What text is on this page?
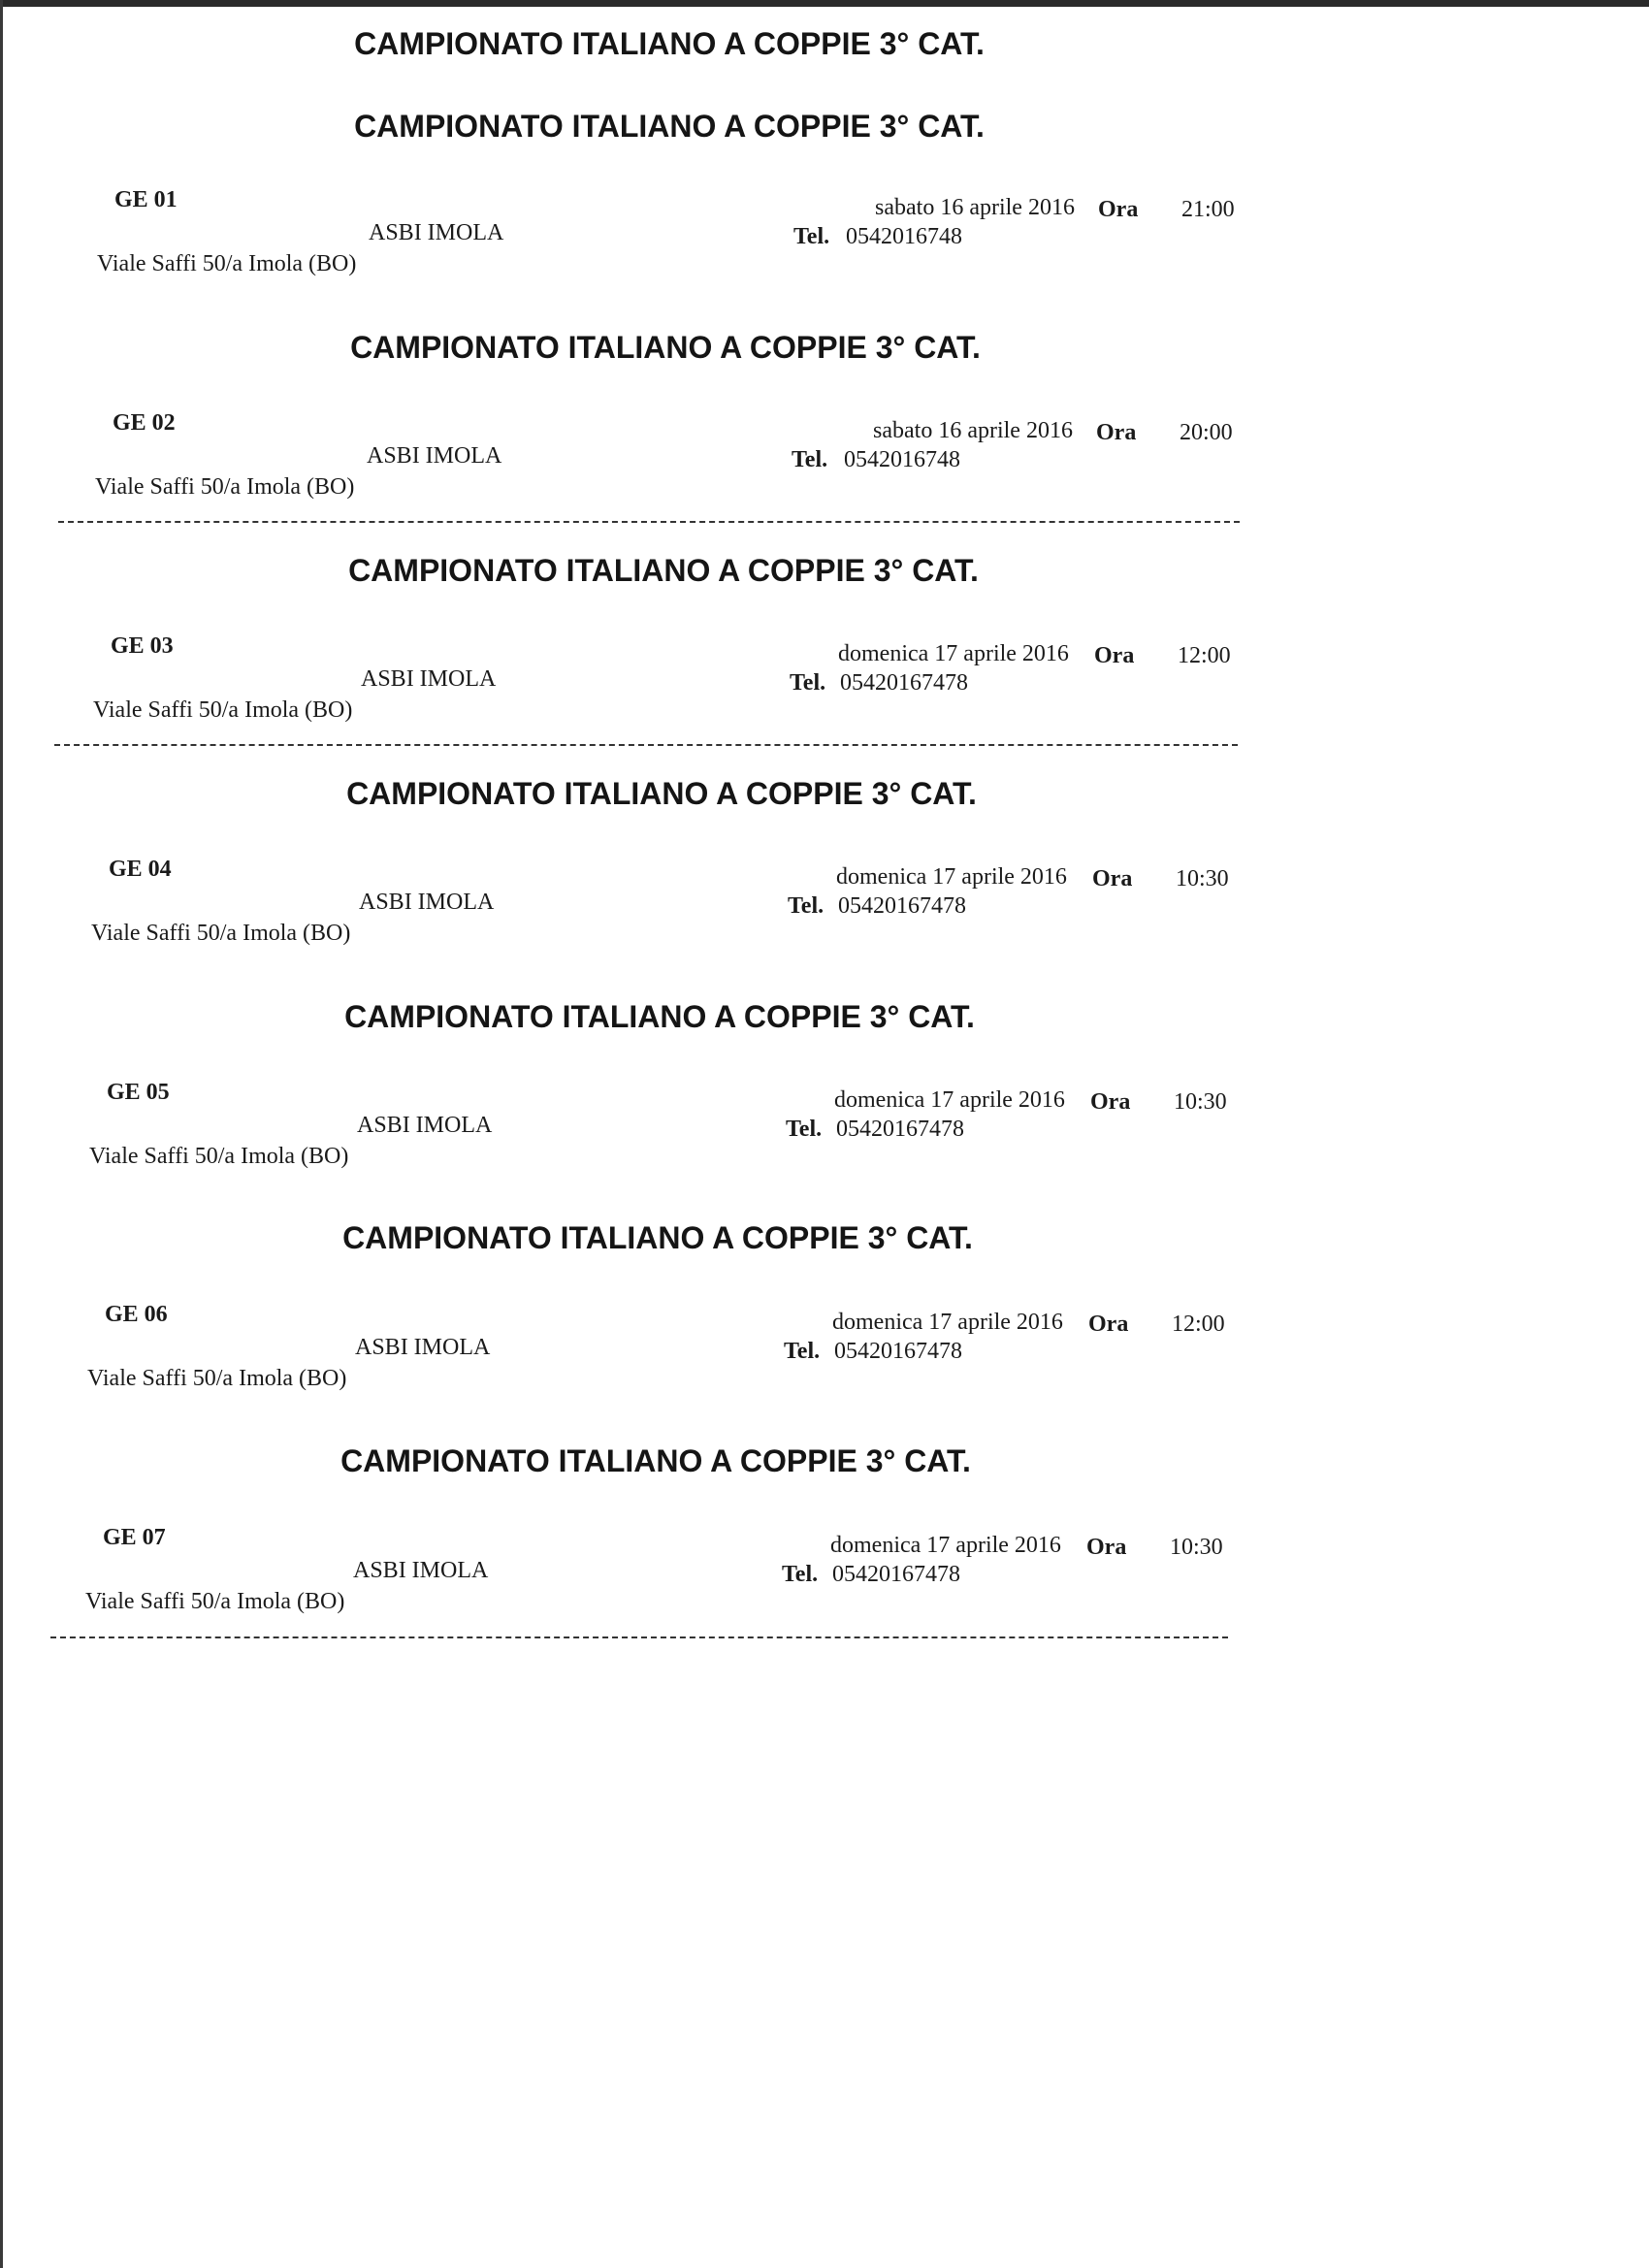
CAMPIONATO ITALIANO A COPPIE 3° CAT.
CAMPIONATO ITALIANO A COPPIE 3° CAT.
CAMPIONATO ITALIANO A COPPIE 3° CAT.
CAMPIONATO ITALIANO A COPPIE 3° CAT.
CAMPIONATO ITALIANO A COPPIE 3° CAT.
CAMPIONATO ITALIANO A COPPIE 3° CAT.
CAMPIONATO ITALIANO A COPPIE 3° CAT.
CAMPIONATO ITALIANO A COPPIE 3° CAT.
GE 01	sabato 16 aprile 2016 Ora 21:00
ASBI IMOLA	Tel. 0542016748
Viale Saffi 50/a Imola (BO)
GE 02	sabato 16 aprile 2016 Ora 20:00
ASBI IMOLA	Tel. 0542016748
Viale Saffi 50/a Imola (BO)
GE 03	domenica 17 aprile 2016 Ora 12:00
ASBI IMOLA	Tel. 05420167478
Viale Saffi 50/a Imola (BO)
GE 04	domenica 17 aprile 2016 Ora 10:30
ASBI IMOLA	Tel. 05420167478
Viale Saffi 50/a Imola (BO)
GE 05	domenica 17 aprile 2016 Ora 10:30
ASBI IMOLA	Tel. 05420167478
Viale Saffi 50/a Imola (BO)
GE 06	domenica 17 aprile 2016 Ora 12:00
ASBI IMOLA	Tel. 05420167478
Viale Saffi 50/a Imola (BO)
GE 07	domenica 17 aprile 2016 Ora 10:30
ASBI IMOLA	Tel. 05420167478
Viale Saffi 50/a Imola (BO)
